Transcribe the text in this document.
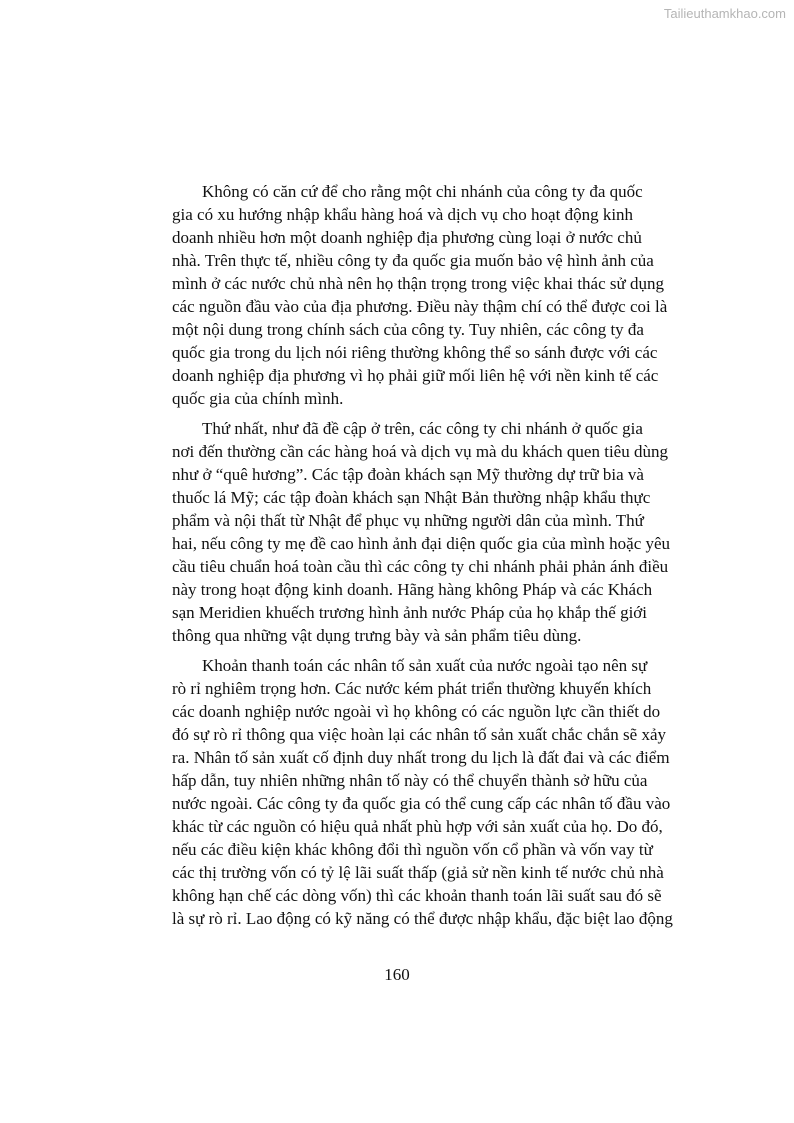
Tailieuthamkhao.com
Không có căn cứ để cho rằng một chi nhánh của công ty đa quốc
gia có xu hướng nhập khẩu hàng hoá và dịch vụ cho hoạt động kinh
doanh nhiều hơn một doanh nghiệp địa phương cùng loại ở nước chủ
nhà. Trên thực tế, nhiều công ty đa quốc gia muốn bảo vệ hình ảnh của
mình ở các nước chủ nhà nên họ thận trọng trong việc khai thác sử dụng
các nguồn đầu vào của địa phương. Điều này thậm chí có thể được coi là
một nội dung trong chính sách của công ty. Tuy nhiên, các công ty đa
quốc gia trong du lịch nói riêng thường không thể so sánh được với các
doanh nghiệp địa phương vì họ phải giữ mối liên hệ với nền kinh tế các
quốc gia của chính mình.
Thứ nhất, như đã đề cập ở trên, các công ty chi nhánh ở quốc gia
nơi đến thường cần các hàng hoá và dịch vụ mà du khách quen tiêu dùng
như ở “quê hương”. Các tập đoàn khách sạn Mỹ thường dự trữ bia và
thuốc lá Mỹ; các tập đoàn khách sạn Nhật Bản thường nhập khẩu thực
phẩm và nội thất từ Nhật để phục vụ những người dân của mình. Thứ
hai, nếu công ty mẹ đề cao hình ảnh đại diện quốc gia của mình hoặc yêu
cầu tiêu chuẩn hoá toàn cầu thì các công ty chi nhánh phải phản ánh điều
này trong hoạt động kinh doanh. Hãng hàng không Pháp và các Khách
sạn Meridien khuếch trương hình ảnh nước Pháp của họ khắp thế giới
thông qua những vật dụng trưng bày và sản phẩm tiêu dùng.
Khoản thanh toán các nhân tố sản xuất của nước ngoài tạo nên sự
rò rỉ nghiêm trọng hơn. Các nước kém phát triển thường khuyến khích
các doanh nghiệp nước ngoài vì họ không có các nguồn lực cần thiết do
đó sự rò rỉ thông qua việc hoàn lại các nhân tố sản xuất chắc chắn sẽ xảy
ra. Nhân tố sản xuất cố định duy nhất trong du lịch là đất đai và các điểm
hấp dẫn, tuy nhiên những nhân tố này có thể chuyển thành sở hữu của
nước ngoài. Các công ty đa quốc gia có thể cung cấp các nhân tố đầu vào
khác từ các nguồn có hiệu quả nhất phù hợp với sản xuất của họ. Do đó,
nếu các điều kiện khác không đổi thì nguồn vốn cổ phần và vốn vay từ
các thị trường vốn có tỷ lệ lãi suất thấp (giả sử nền kinh tế nước chủ nhà
không hạn chế các dòng vốn) thì các khoản thanh toán lãi suất sau đó sẽ
là sự rò rỉ. Lao động có kỹ năng có thể được nhập khẩu, đặc biệt lao động
160
